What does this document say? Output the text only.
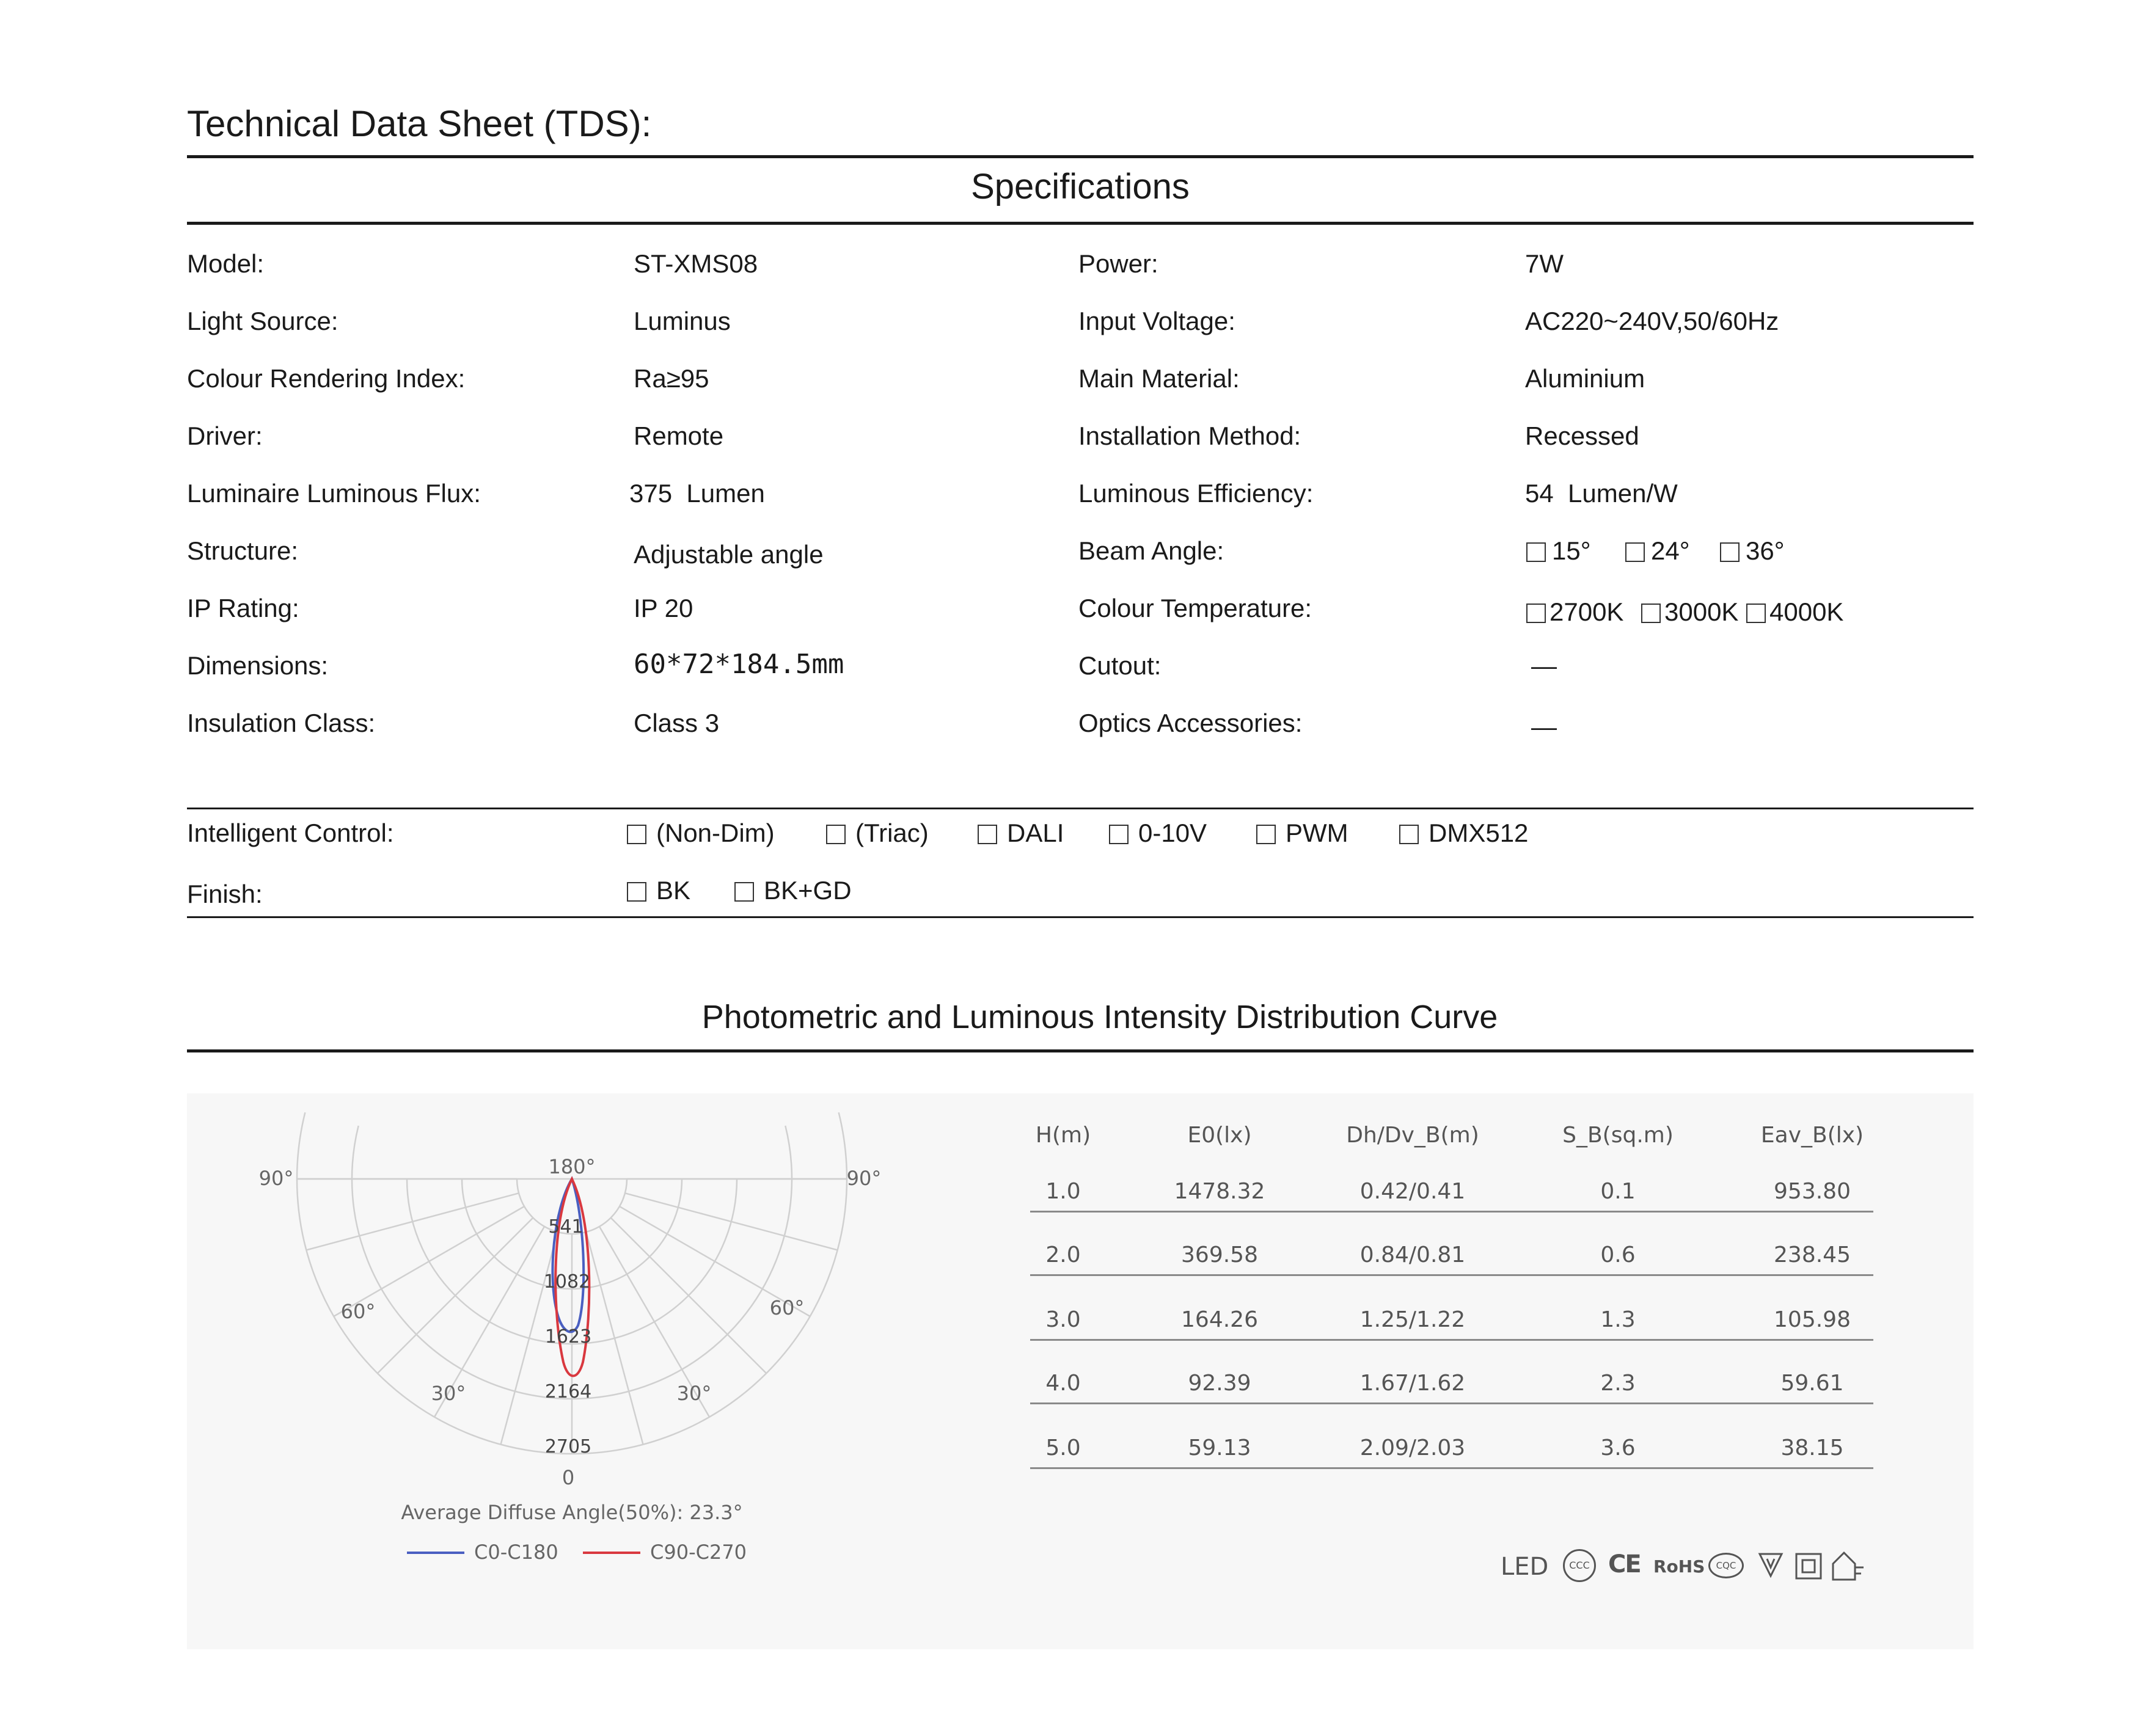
Technical Data Sheet (TDS):
Specifications
Model:	ST-XMS08
Light Source:	Luminus
Colour Rendering Index:	Ra≥95
Driver:	Remote
Luminaire Luminous Flux:	375  Lumen
Structure:	Adjustable angle
IP Rating:	IP 20
Dimensions:	60*72*184.5mm
Insulation Class:	Class 3
Power:	7W
Input Voltage:	AC220~240V,50/60Hz
Main Material:	Aluminium
Installation Method:	Recessed
Luminous Efficiency:	54  Lumen/W
Beam Angle:	15°	24°	36°
Colour Temperature:	2700K	3000K	4000K
Cutout:	—
Optics Accessories:	—
Intelligent Control:	(Non-Dim)	(Triac)	DALI	0-10V	PWM	DMX512
Finish:	BK	BK+GD
Photometric and Luminous Intensity Distribution Curve
180°
90°	90°
60°	60°
30°	30°
0
541
1082
1623
2164
2705
Average Diffuse Angle(50%): 23.3°
C0-C180	C90-C270
H(m)	E0(lx)	Dh/Dv_B(m)	S_B(sq.m)	Eav_B(lx)
1.0	1478.32	0.42/0.41	0.1	953.80
2.0	369.58	0.84/0.81	0.6	238.45
3.0	164.26	1.25/1.22	1.3	105.98
4.0	92.39	1.67/1.62	2.3	59.61
5.0	59.13	2.09/2.03	3.6	38.15
LED	CCC CE RoHS	CQC
